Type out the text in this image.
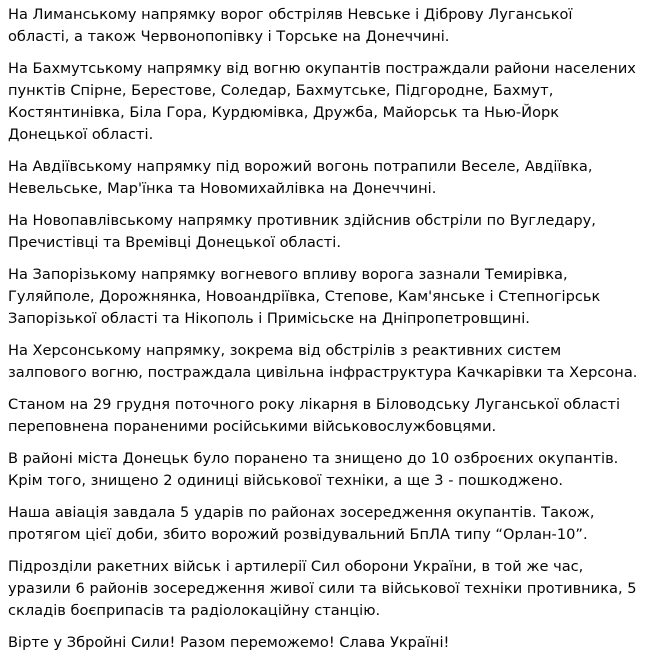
На Лиманському напрямку ворог обстріляв Невське і Діброву Луганської
області, а також Червонопопівку і Торське на Донеччині.

На Бахмутському напрямку від вогню окупантів постраждали райони населених
пунктів Спірне, Берестове, Соледар, Бахмутське, Підгородне, Бахмут,
Костянтинівка, Біла Гора, Курдюмівка, Дружба, Майорськ та Нью-Йорк
Донецької області.

На Авдіївському напрямку під ворожий вогонь потрапили Веселе, Авдіївка,
Невельське, Мар'їнка та Новомихайлівка на Донеччині.

На Новопавлівському напрямку противник здійснив обстріли по Вугледару,
Пречистівці та Времівці Донецької області.

На Запорізькому напрямку вогневого впливу ворога зазнали Темирівка,
Гуляйполе, Дорожнянка, Новоандріївка, Степове, Кам'янське і Степногірськ
Запорізької області та Нікополь і Примісьске на Дніпропетровщині.

На Херсонському напрямку, зокрема від обстрілів з реактивних систем
залпового вогню, постраждала цивільна інфраструктура Качкарівки та Херсона.

Станом на 29 грудня поточного року лікарня в Біловодську Луганської області
переповнена пораненими російськими військовослужбовцями.

В районі міста Донецьк було поранено та знищено до 10 озброєних окупантів.
Крім того, знищено 2 одиниці військової техніки, а ще 3 - пошкоджено.

Наша авіація завдала 5 ударів по районах зосередження окупантів. Також,
протягом цієї доби, збито ворожий розвідувальний БпЛА типу “Орлан-10”.

Підрозділи ракетних військ і артилерії Сил оборони України, в той же час,
уразили 6 районів зосередження живої сили та військової техніки противника, 5
складів боєприпасів та радіолокаційну станцію.

Вірте у Збройні Сили! Разом переможемо! Слава Україні!
